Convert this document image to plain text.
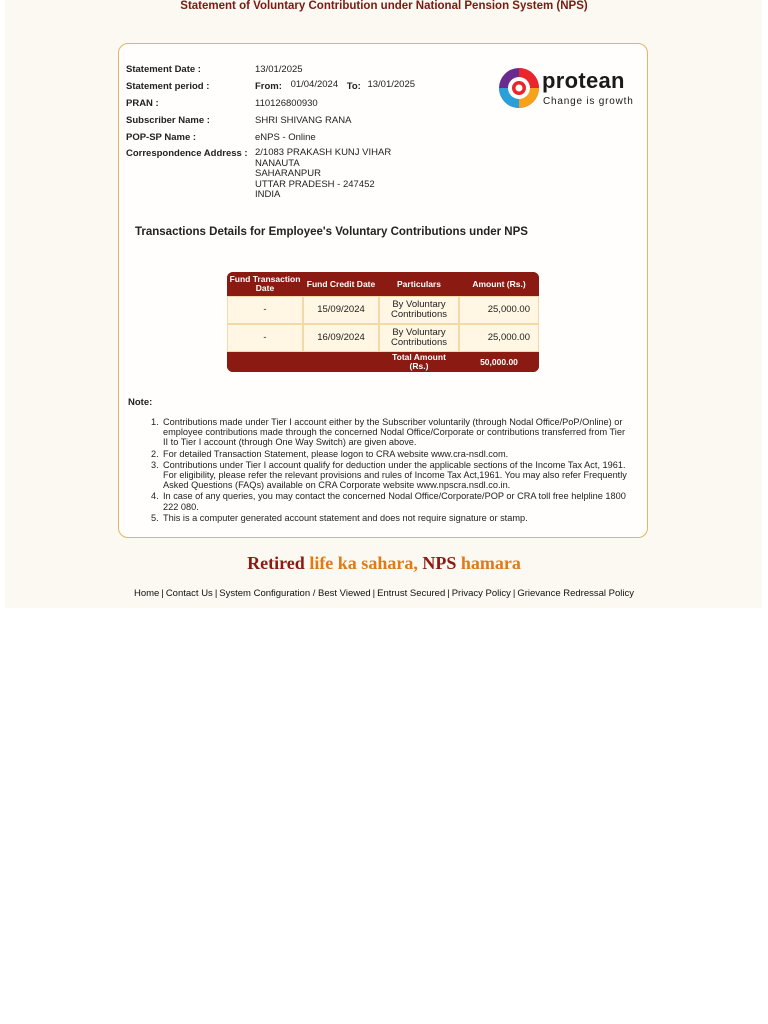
Statement of Voluntary Contribution under National Pension System (NPS)
Statement Date :	13/01/2025
Statement period :	From: 01/04/2024 To: 13/01/2025
PRAN :	110126800930
Subscriber Name :	SHRI SHIVANG RANA
POP-SP Name :	eNPS - Online
Correspondence Address : 2/1083 PRAKASH KUNJ VIHAR
NANAUTA
SAHARANPUR
UTTAR PRADESH - 247452
INDIA
protean
Change is growth
Transactions Details for Employee's Voluntary Contributions under NPS
Fund Transaction Date	Fund Credit Date	Particulars	Amount (Rs.)
-	15/09/2024	By Voluntary Contributions	25,000.00
-	16/09/2024	By Voluntary Contributions	25,000.00
		Total Amount (Rs.)	50,000.00
Note:
Contributions made under Tier I account either by the Subscriber voluntarily (through Nodal Office/PoP/Online) or employee contributions made through the concerned Nodal Office/Corporate or contributions transferred from Tier II to Tier I account (through One Way Switch) are given above.
For detailed Transaction Statement, please logon to CRA website www.cra-nsdl.com.
Contributions under Tier I account qualify for deduction under the applicable sections of the Income Tax Act, 1961. For eligibility, please refer the relevant provisions and rules of Income Tax Act,1961. You may also refer Frequently Asked Questions (FAQs) available on CRA Corporate website www.npscra.nsdl.co.in.
In case of any queries, you may contact the concerned Nodal Office/Corporate/POP or CRA toll free helpline 1800 222 080.
This is a computer generated account statement and does not require signature or stamp.
Retired life ka sahara, NPS hamara
Home | Contact Us | System Configuration / Best Viewed | Entrust Secured | Privacy Policy | Grievance Redressal Policy
